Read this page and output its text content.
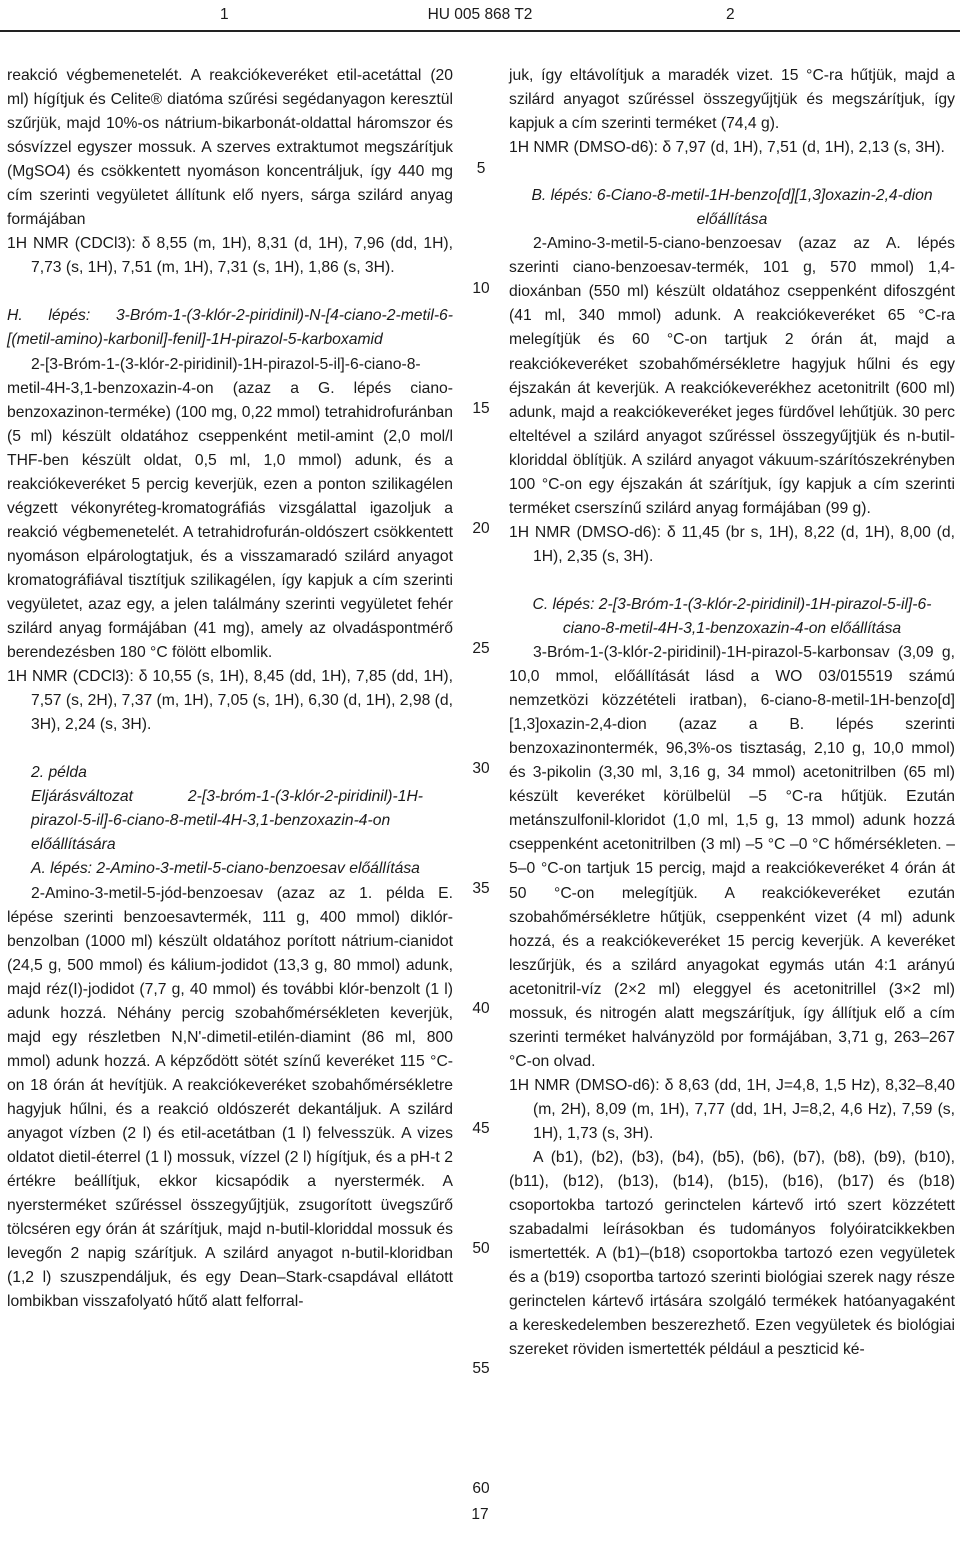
1	HU 005 868 T2	2

reakció végbemenetelét. A reakciókeveréket etil-acetáttal (20 ml) hígítjuk és Celite® diatóma szűrési segédanyagon keresztül szűrjük, majd 10%-os nátrium-bikarbonát-oldattal háromszor és sósvízzel egyszer mossuk. A szerves extraktumot megszárítjuk (MgSO4) és csökkentett nyomáson koncentráljuk, így 440 mg cím szerinti vegyületet állítunk elő nyers, sárga szilárd anyag formájában

1H NMR (CDCl3): δ 8,55 (m, 1H), 8,31 (d, 1H), 7,96 (dd, 1H), 7,73 (s, 1H), 7,51 (m, 1H), 7,31 (s, 1H), 1,86 (s, 3H).

H. lépés: 3-Bróm-1-(3-klór-2-piridinil)-N-[4-ciano-2-metil-6-[(metil-amino)-karbonil]-fenil]-1H-pirazol-5-karboxamid

2-[3-Bróm-1-(3-klór-2-piridinil)-1H-pirazol-5-il]-6-ciano-8-metil-4H-3,1-benzoxazin-4-on (azaz a G. lépés ciano-benzoxazinon-terméke) (100 mg, 0,22 mmol) tetrahidrofuránban (5 ml) készült oldatához cseppenként metil-amint (2,0 mol/l THF-ben készült oldat, 0,5 ml, 1,0 mmol) adunk, és a reakciókeveréket 5 percig keverjük, ezen a ponton szilikagélen végzett vékonyréteg-kromatográfiás vizsgálattal igazoljuk a reakció végbemenetelét. A tetrahidrofurán-oldószert csökkentett nyomáson elpárologtatjuk, és a visszamaradó szilárd anyagot kromatográfiával tisztítjuk szilikagélen, így kapjuk a cím szerinti vegyületet, azaz egy, a jelen találmány szerinti vegyületet fehér szilárd anyag formájában (41 mg), amely az olvadáspontmérő berendezésben 180 °C fölött elbomlik.

1H NMR (CDCl3): δ 10,55 (s, 1H), 8,45 (dd, 1H), 7,85 (dd, 1H), 7,57 (s, 2H), 7,37 (m, 1H), 7,05 (s, 1H), 6,30 (d, 1H), 2,98 (d, 3H), 2,24 (s, 3H).

2. példa

Eljárásváltozat 2-[3-bróm-1-(3-klór-2-piridinil)-1H-pirazol-5-il]-6-ciano-8-metil-4H-3,1-benzoxazin-4-on előállítására

A. lépés: 2-Amino-3-metil-5-ciano-benzoesav előállítása

2-Amino-3-metil-5-jód-benzoesav (azaz az 1. példa E. lépése szerinti benzoesavtermék, 111 g, 400 mmol) diklór-benzolban (1000 ml) készült oldatához porított nátrium-cianidot (24,5 g, 500 mmol) és kálium-jodidot (13,3 g, 80 mmol) adunk, majd réz(I)-jodidot (7,7 g, 40 mmol) és további klór-benzolt (1 l) adunk hozzá. Néhány percig szobahőmérsékleten keverjük, majd egy részletben N,N'-dimetil-etilén-diamint (86 ml, 800 mmol) adunk hozzá. A képződött sötét színű keveréket 115 °C-on 18 órán át hevítjük. A reakciókeveréket szobahőmérsékletre hagyjuk hűlni, és a reakció oldószerét dekantáljuk. A szilárd anyagot vízben (2 l) és etil-acetátban (1 l) felvesszük. A vizes oldatot dietil-éterrel (1 l) mossuk, vízzel (2 l) hígítjuk, és a pH-t 2 értékre beállítjuk, ekkor kicsapódik a nyerstermék. A nyersterméket szűréssel összegyűjtjük, zsugorított üvegszűrő tölcséren egy órán át szárítjuk, majd n-butil-kloriddal mossuk és levegőn 2 napig szárítjuk. A szilárd anyagot n-butil-kloridban (1,2 l) szuszpendáljuk, és egy Dean–Stark-csapdával ellátott lombikban visszafolyató hűtő alatt felforral-

juk, így eltávolítjuk a maradék vizet. 15 °C-ra hűtjük, majd a szilárd anyagot szűréssel összegyűjtjük és megszárítjuk, így kapjuk a cím szerinti terméket (74,4 g).

1H NMR (DMSO-d6): δ 7,97 (d, 1H), 7,51 (d, 1H), 2,13 (s, 3H).

B. lépés: 6-Ciano-8-metil-1H-benzo[d][1,3]oxazin-2,4-dion előállítása

2-Amino-3-metil-5-ciano-benzoesav (azaz az A. lépés szerinti ciano-benzoesav-termék, 101 g, 570 mmol) 1,4-dioxánban (550 ml) készült oldatához cseppenként difoszgént (41 ml, 340 mmol) adunk. A reakciókeveréket 65 °C-ra melegítjük és 60 °C-on tartjuk 2 órán át, majd a reakciókeveréket szobahőmérsékletre hagyjuk hűlni és egy éjszakán át keverjük. A reakciókeverékhez acetonitrilt (600 ml) adunk, majd a reakciókeveréket jeges fürdővel lehűtjük. 30 perc elteltével a szilárd anyagot szűréssel összegyűjtjük és n-butil-kloriddal öblítjük. A szilárd anyagot vákuum-szárítószekrényben 100 °C-on egy éjszakán át szárítjuk, így kapjuk a cím szerinti terméket cserszínű szilárd anyag formájában (99 g).

1H NMR (DMSO-d6): δ 11,45 (br s, 1H), 8,22 (d, 1H), 8,00 (d, 1H), 2,35 (s, 3H).

C. lépés: 2-[3-Bróm-1-(3-klór-2-piridinil)-1H-pirazol-5-il]-6-ciano-8-metil-4H-3,1-benzoxazin-4-on előállítása

3-Bróm-1-(3-klór-2-piridinil)-1H-pirazol-5-karbonsav (3,09 g, 10,0 mmol, előállítását lásd a WO 03/015519 számú nemzetközi közzétételi iratban), 6-ciano-8-metil-1H-benzo[d][1,3]oxazin-2,4-dion (azaz a B. lépés szerinti benzoxazinontermék, 96,3%-os tisztaság, 2,10 g, 10,0 mmol) és 3-pikolin (3,30 ml, 3,16 g, 34 mmol) acetonitrilben (65 ml) készült keveréket körülbelül –5 °C-ra hűtjük. Ezután metánszulfonil-kloridot (1,0 ml, 1,5 g, 13 mmol) adunk hozzá cseppenként acetonitrilben (3 ml) –5 °C –0 °C hőmérsékleten. –5–0 °C-on tartjuk 15 percig, majd a reakciókeveréket 4 órán át 50 °C-on melegítjük. A reakciókeveréket ezután szobahőmérsékletre hűtjük, cseppenként vizet (4 ml) adunk hozzá, és a reakciókeveréket 15 percig keverjük. A keveréket leszűrjük, és a szilárd anyagokat egymás után 4:1 arányú acetonitril-víz (2×2 ml) eleggyel és acetonitrillel (3×2 ml) mossuk, és nitrogén alatt megszárítjuk, így állítjuk elő a cím szerinti terméket halványzöld por formájában, 3,71 g, 263–267 °C-on olvad.

1H NMR (DMSO-d6): δ 8,63 (dd, 1H, J=4,8, 1,5 Hz), 8,32–8,40 (m, 2H), 8,09 (m, 1H), 7,77 (dd, 1H, J=8,2, 4,6 Hz), 7,59 (s, 1H), 1,73 (s, 3H).

A (b1), (b2), (b3), (b4), (b5), (b6), (b7), (b8), (b9), (b10), (b11), (b12), (b13), (b14), (b15), (b16), (b17) és (b18) csoportokba tartozó gerinctelen kártevő irtó szert közzétett szabadalmi leírásokban és tudományos folyóiratcikkekben ismertették. A (b1)–(b18) csoportokba tartozó ezen vegyületek és a (b19) csoportba tartozó szerinti biológiai szerek nagy része gerinctelen kártevő irtására szolgáló termékek hatóanyagaként a kereskedelemben beszerezhető. Ezen vegyületek és biológiai szereket röviden ismertették például a peszticid ké-

5
10
15
20
25
30
35
40
45
50
55
60
17
